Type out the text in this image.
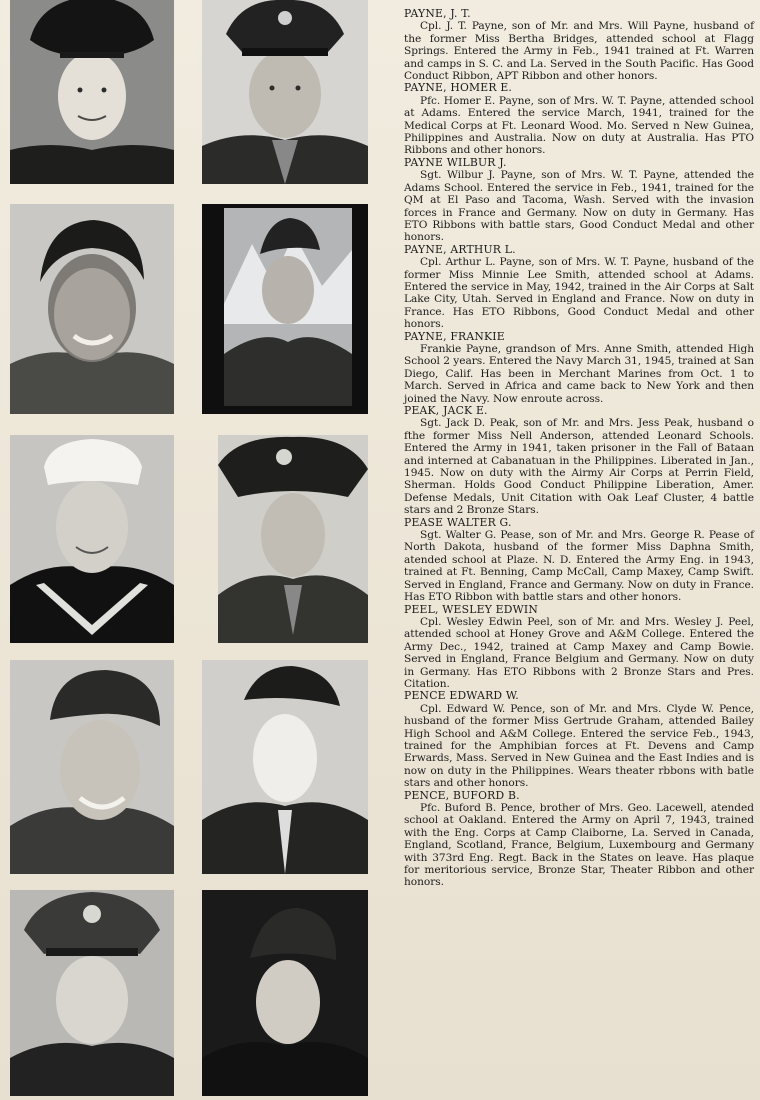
PAYNE, J. T.

Cpl. J. T. Payne, son of Mr. and Mrs. Will Payne, husband of the former Miss Bertha Bridges, attended school at Flagg Springs. Entered the Army in Feb., 1941 trained at Ft. Warren and camps in S. C. and La. Served in the South Pacific. Has Good Conduct Ribbon, APT Ribbon and other honors.

PAYNE, HOMER E.

Pfc. Homer E. Payne, son of Mrs. W. T. Payne, attended school at Adams. Entered the service March, 1941, trained for the Medical Corps at Ft. Leonard Wood. Mo. Served n New Guinea, Philippines and Australia. Now on duty at Australia. Has PTO Ribbons and other honors.

PAYNE WILBUR J.

Sgt. Wilbur J. Payne, son of Mrs. W. T. Payne, attended the Adams School. Entered the service in Feb., 1941, trained for the QM at El Paso and Tacoma, Wash. Served with the invasion forces in France and Germany. Now on duty in Germany. Has ETO Ribbons with battle stars, Good Conduct Medal and other honors.

PAYNE, ARTHUR L.

Cpl. Arthur L. Payne, son of Mrs. W. T. Payne, husband of the former Miss Minnie Lee Smith, attended school at Adams. Entered the service in May, 1942, trained in the Air Corps at Salt Lake City, Utah. Served in England and France. Now on duty in France. Has ETO Ribbons, Good Conduct Medal and other honors.

PAYNE, FRANKIE

Frankie Payne, grandson of Mrs. Anne Smith, attended High School 2 years. Entered the Navy March 31, 1945, trained at San Diego, Calif. Has been in Merchant Marines from Oct. 1 to March. Served in Africa and came back to New York and then joined the Navy. Now enroute across.

PEAK, JACK E.

Sgt. Jack D. Peak, son of Mr. and Mrs. Jess Peak, husband o fthe former Miss Nell Anderson, attended Leonard Schools. Entered the Army in 1941, taken prisoner in the Fall of Bataan and interned at Cabanatuan in the Philippines. Liberated in Jan., 1945. Now on duty with the Airmy Air Corps at Perrin Field, Sherman. Holds Good Conduct Philippine Liberation, Amer. Defense Medals, Unit Citation with Oak Leaf Cluster, 4 battle stars and 2 Bronze Stars.

PEASE WALTER G.

Sgt. Walter G. Pease, son of Mr. and Mrs. George R. Pease of North Dakota, husband of the former Miss Daphna Smith, atended school at Plaze. N. D. Entered the Army Eng. in 1943, trained at Ft. Benning, Camp McCall, Camp Maxey, Camp Swift. Served in England, France and Germany. Now on duty in France. Has ETO Ribbon with battle stars and other honors.

PEEL, WESLEY EDWIN

Cpl. Wesley Edwin Peel, son of Mr. and Mrs. Wesley J. Peel, attended school at Honey Grove and A&M College. Entered the Army Dec., 1942, trained at Camp Maxey and Camp Bowie. Served in England, France Belgium and Germany. Now on duty in Germany. Has ETO Ribbons with 2 Bronze Stars and Pres. Citation.

PENCE EDWARD W.

Cpl. Edward W. Pence, son of Mr. and Mrs. Clyde W. Pence, husband of the former Miss Gertrude Graham, attended Bailey High School and A&M College. Entered the service Feb., 1943, trained for the Amphibian forces at Ft. Devens and Camp Erwards, Mass. Served in New Guinea and the East Indies and is now on duty in the Philippines. Wears theater rbbons with batle stars and other honors.

PENCE, BUFORD B.

Pfc. Buford B. Pence, brother of Mrs. Geo. Lacewell, atended school at Oakland. Entered the Army on April 7, 1943, trained with the Eng. Corps at Camp Claiborne, La. Served in Canada, England, Scotland, France, Belgium, Luxembourg and Germany with 373rd Eng. Regt. Back in the States on leave. Has plaque for meritorious service, Bronze Star, Theater Ribbon and other honors.
